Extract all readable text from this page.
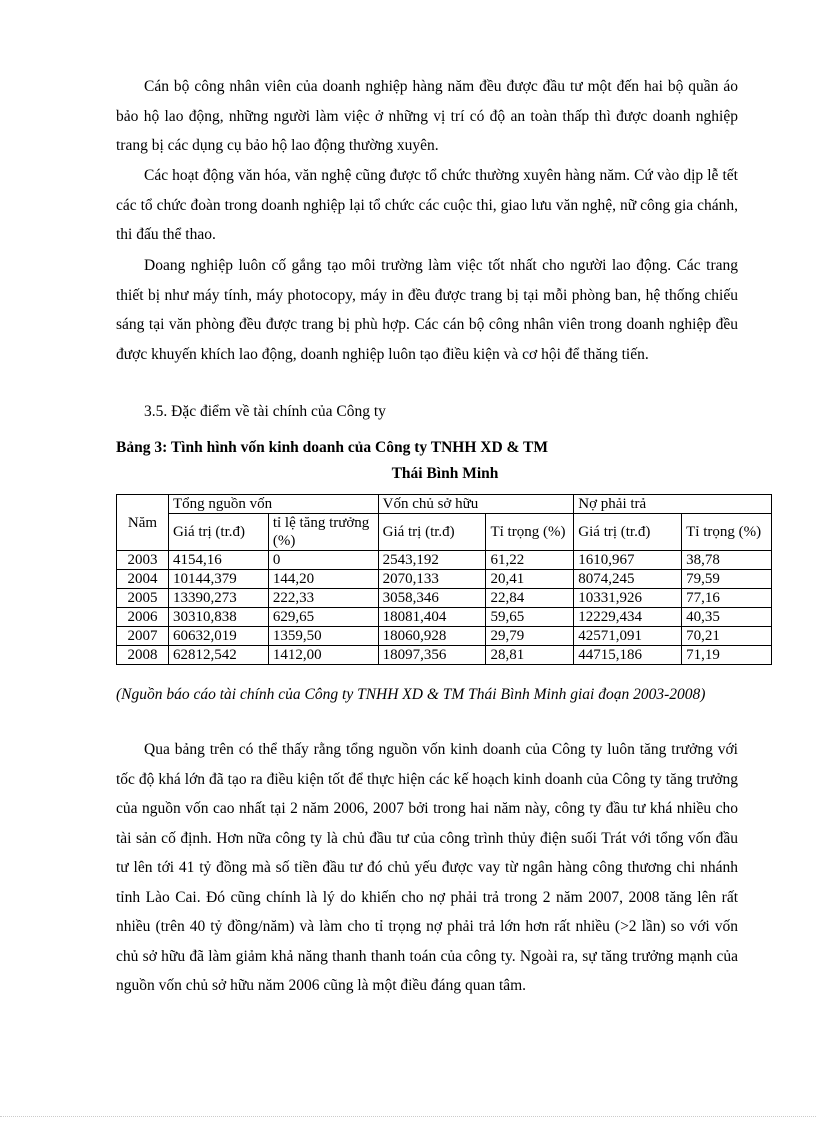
Cán bộ công nhân viên của doanh nghiệp hàng năm đều được đầu tư một đến hai bộ quần áo bảo hộ lao động, những người làm việc ở những vị trí có độ an toàn thấp thì được doanh nghiệp trang bị các dụng cụ bảo hộ lao động thường xuyên.

Các hoạt động văn hóa, văn nghệ cũng được tổ chức thường xuyên hàng năm. Cứ vào dịp lễ tết các tổ chức đoàn trong doanh nghiệp lại tổ chức các cuộc thi, giao lưu văn nghệ, nữ công gia chánh, thi đấu thể thao.

Doang nghiệp luôn cố gắng tạo môi trường làm việc tốt nhất cho người lao động. Các trang thiết bị như máy tính, máy photocopy, máy in đều được trang bị tại mỗi phòng ban, hệ thống chiếu sáng tại văn phòng đều được trang bị phù hợp. Các cán bộ công nhân viên trong doanh nghiệp đều được khuyến khích lao động, doanh nghiệp luôn tạo điều kiện và cơ hội để thăng tiến.

3.5. Đặc điểm về tài chính của Công ty

Bảng 3: Tình hình vốn kinh doanh của Công ty TNHH XD & TM

Thái Bình Minh

Năm	Tổng nguồn vốn		Vốn chủ sở hữu		Nợ phải trả	
	Giá trị (tr.đ)	tỉ lệ tăng trưởng (%)	Giá trị (tr.đ)	Tỉ trọng (%)	Giá trị (tr.đ)	Tỉ trọng (%)
2003	4154,16	0	2543,192	61,22	1610,967	38,78
2004	10144,379	144,20	2070,133	20,41	8074,245	79,59
2005	13390,273	222,33	3058,346	22,84	10331,926	77,16
2006	30310,838	629,65	18081,404	59,65	12229,434	40,35
2007	60632,019	1359,50	18060,928	29,79	42571,091	70,21
2008	62812,542	1412,00	18097,356	28,81	44715,186	71,19

(Nguồn báo cáo tài chính của Công ty TNHH XD & TM Thái Bình Minh giai đoạn 2003-2008)

Qua bảng trên có thể thấy rằng tổng nguồn vốn kinh doanh của Công ty luôn tăng trưởng với tốc độ khá lớn đã tạo ra điều kiện tốt để thực hiện các kế hoạch kinh doanh của Công ty tăng trưởng của nguồn vốn cao nhất tại 2 năm 2006, 2007 bởi trong hai năm này, công ty đầu tư khá nhiều cho tài sản cố định. Hơn nữa công ty là chủ đầu tư của công trình thủy điện suối Trát với tổng vốn đầu tư lên tới 41 tỷ đồng mà số tiền đầu tư đó chủ yếu được vay từ ngân hàng công thương chi nhánh tỉnh Lào Cai. Đó cũng chính là lý do khiến cho nợ phải trả trong 2 năm 2007, 2008 tăng lên rất nhiều (trên 40 tỷ đồng/năm) và làm cho tỉ trọng nợ phải trả lớn hơn rất nhiều (>2 lần) so với vốn chủ sở hữu đã làm giảm khả năng thanh thanh toán của công ty. Ngoài ra, sự tăng trưởng mạnh của nguồn vốn chủ sở hữu năm 2006 cũng là một điều đáng quan tâm.
